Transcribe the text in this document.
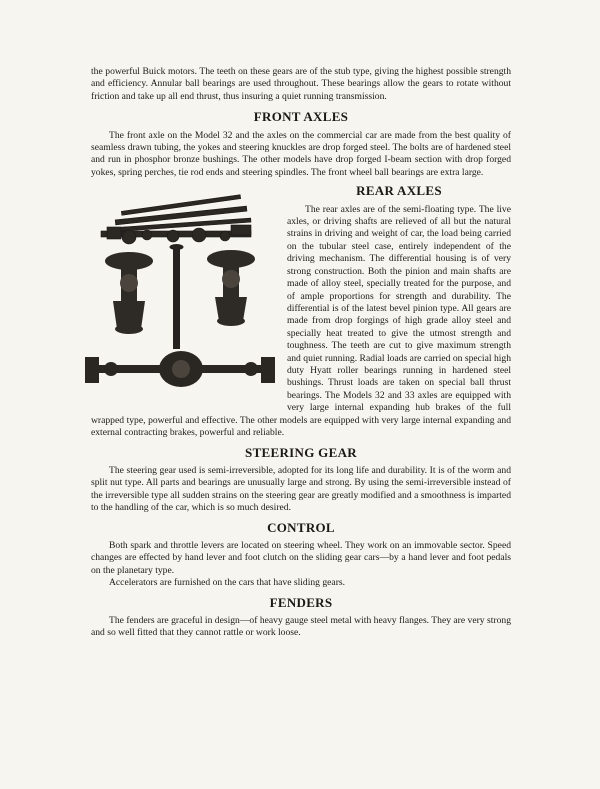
the powerful Buick motors. The teeth on these gears are of the stub type, giving the highest possible strength and efficiency. Annular ball bearings are used throughout. These bearings allow the gears to rotate without friction and take up all end thrust, thus insuring a quiet running transmission.

FRONT AXLES

The front axle on the Model 32 and the axles on the commercial car are made from the best quality of seamless drawn tubing, the yokes and steering knuckles are drop forged steel. The bolts are of hardened steel and run in phosphor bronze bushings. The other models have drop forged I-beam section with drop forged yokes, spring perches, tie rod ends and steering spindles. The front wheel ball bearings are extra large.

REAR AXLES

The rear axles are of the semi-floating type. The live axles, or driving shafts are relieved of all but the natural strains in driving and weight of car, the load being carried on the tubular steel case, entirely independent of the driving mechanism. The differential housing is of very strong construction. Both the pinion and main shafts are made of alloy steel, specially treated for the purpose, and of ample proportions for strength and durability. The differential is of the latest bevel pinion type. All gears are made from drop forgings of high grade alloy steel and specially heat treated to give the utmost strength and toughness. The teeth are cut to give maximum strength and quiet running. Radial loads are carried on special high duty Hyatt roller bearings running in hardened steel bushings. Thrust loads are taken on special ball thrust bearings. The Models 32 and 33 axles are equipped with very large internal expanding hub brakes of the full wrapped type, powerful and effective. The other models are equipped with very large internal expanding and external contracting brakes, powerful and reliable.

STEERING GEAR

The steering gear used is semi-irreversible, adopted for its long life and durability. It is of the worm and split nut type. All parts and bearings are unusually large and strong. By using the semi-irreversible instead of the irreversible type all sudden strains on the steering gear are greatly modified and a smoothness is imparted to the handling of the car, which is so much desired.

CONTROL

Both spark and throttle levers are located on steering wheel. They work on an immovable sector. Speed changes are effected by hand lever and foot clutch on the sliding gear cars—by a hand lever and foot pedals on the planetary type.

Accelerators are furnished on the cars that have sliding gears.

FENDERS

The fenders are graceful in design—of heavy gauge steel metal with heavy flanges. They are very strong and so well fitted that they cannot rattle or work loose.
